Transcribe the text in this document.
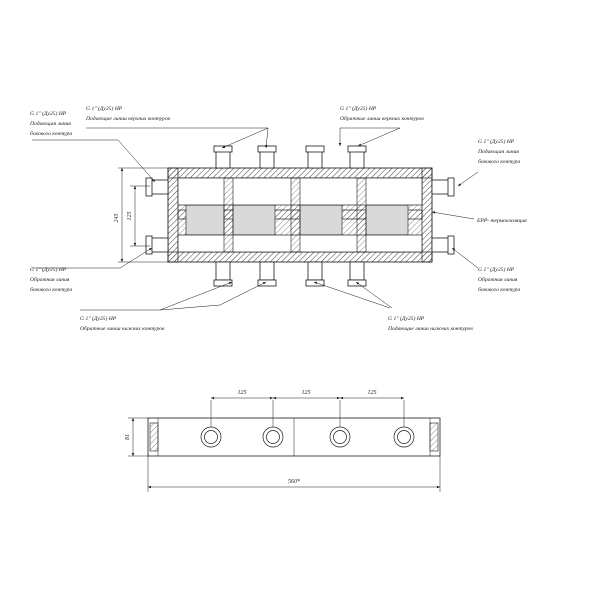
245 125
G 1" (Ду25) НР
Подающая линия
бокового контура
G 1" (Ду25) НР
Подающие линии верхних контуров
G 1" (Ду25) НР
Обратные линии верхних контуров
G 1" (Ду25) НР
Подающая линия
бокового контура
EPP- термоизоляция
G 1" (Ду25) НР
Обратная линия
бокового контура
G 1" (Ду25) НР
Обратные линии нижних контуров
G 1" (Ду25) НР
Подающие линии нижних контуров
G 1" (Ду25) НР
Обратная линия
бокового контура
125	125	125
81
560*
